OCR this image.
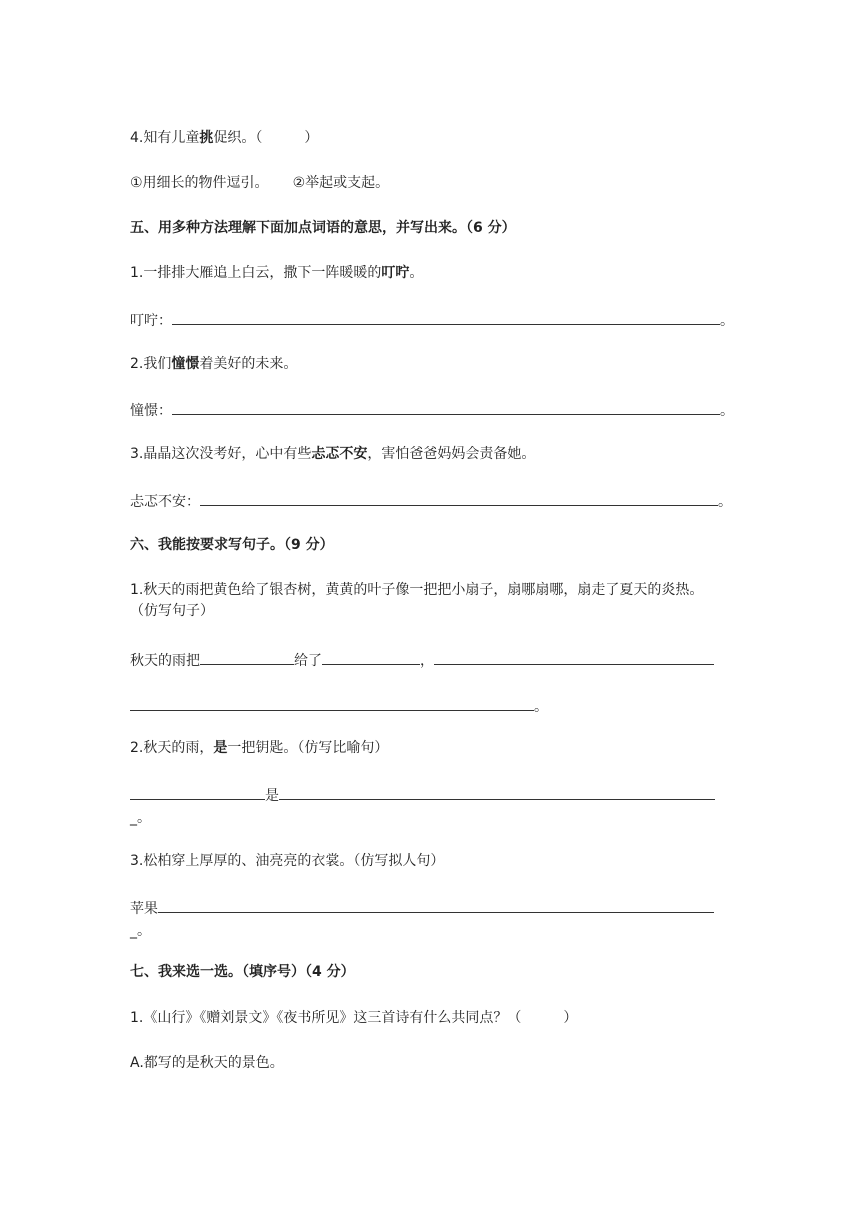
4.知有儿童挑促织。（　　　）
①用细长的物件逗引。 ②举起或支起。
五、用多种方法理解下面加点词语的意思，并写出来。（6 分）
1.一排排大雁追上白云，撒下一阵暖暖的叮咛。
叮咛：	。
2.我们憧憬着美好的未来。
憧憬：	。
3.晶晶这次没考好，心中有些忐忑不安，害怕爸爸妈妈会责备她。
忐忑不安：	。
六、我能按要求写句子。（9 分）
1.秋天的雨把黄色给了银杏树，黄黄的叶子像一把把小扇子，扇哪扇哪，扇走了夏天的炎热。
（仿写句子）
秋天的雨把	给了	，
。
2.秋天的雨，是一把钥匙。（仿写比喻句）
是
_。
3.松柏穿上厚厚的、油亮亮的衣裳。（仿写拟人句）
苹果
_。
七、我来选一选。（填序号）（4 分）
1.《山行》《赠刘景文》《夜书所见》这三首诗有什么共同点？（　　　）
A.都写的是秋天的景色。
